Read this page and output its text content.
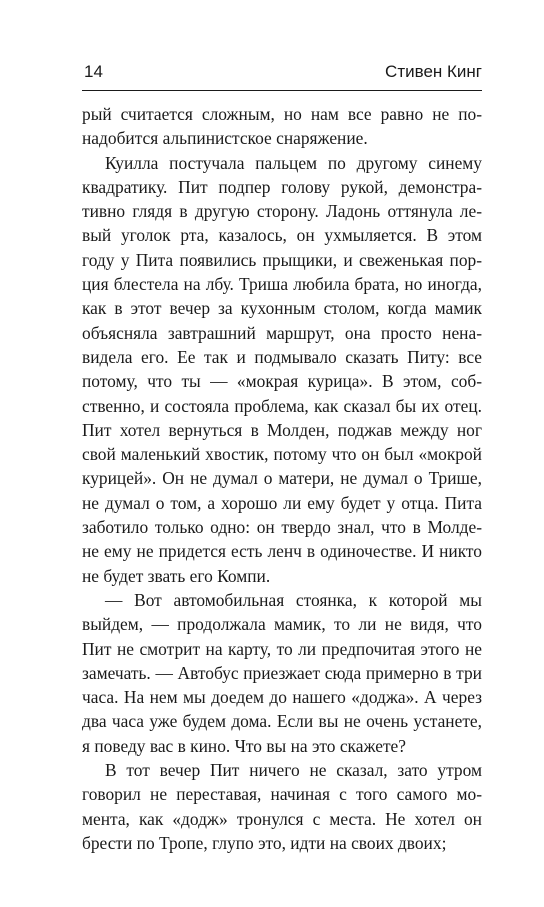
14	Стивен Кинг
рый считается сложным, но нам все равно не по-
надобится альпинистское снаряжение.
Куилла постучала пальцем по другому синему
квадратику. Пит подпер голову рукой, демонстра-
тивно глядя в другую сторону. Ладонь оттянула ле-
вый уголок рта, казалось, он ухмыляется. В этом
году у Пита появились прыщики, и свеженькая пор-
ция блестела на лбу. Триша любила брата, но иногда,
как в этот вечер за кухонным столом, когда мамик
объясняла завтрашний маршрут, она просто нена-
видела его. Ее так и подмывало сказать Питу: все
потому, что ты — «мокрая курица». В этом, соб-
ственно, и состояла проблема, как сказал бы их отец.
Пит хотел вернуться в Молден, поджав между ног
свой маленький хвостик, потому что он был «мокрой
курицей». Он не думал о матери, не думал о Трише,
не думал о том, а хорошо ли ему будет у отца. Пита
заботило только одно: он твердо знал, что в Молде-
не ему не придется есть ленч в одиночестве. И никто
не будет звать его Компи.
— Вот автомобильная стоянка, к которой мы
выйдем, — продолжала мамик, то ли не видя, что
Пит не смотрит на карту, то ли предпочитая этого не
замечать. — Автобус приезжает сюда примерно в три
часа. На нем мы доедем до нашего «доджа». А через
два часа уже будем дома. Если вы не очень устанете,
я поведу вас в кино. Что вы на это скажете?
В тот вечер Пит ничего не сказал, зато утром
говорил не переставая, начиная с того самого мо-
мента, как «додж» тронулся с места. Не хотел он
брести по Тропе, глупо это, идти на своих двоих;
